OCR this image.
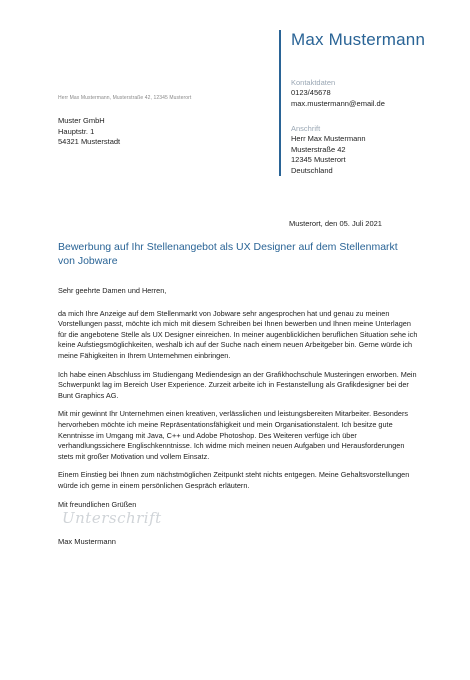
Max Mustermann
Kontaktdaten
0123/45678
max.mustermann@email.de
Anschrift
Herr Max Mustermann
Musterstraße 42
12345 Musterort
Deutschland
Herr Max Mustermann, Musterstraße 42, 12345 Musterort
Muster GmbH
Hauptstr. 1
54321 Musterstadt
Musterort, den 05. Juli 2021
Bewerbung auf Ihr Stellenangebot als UX Designer auf dem Stellenmarkt von Jobware

Sehr geehrte Damen und Herren,

da mich Ihre Anzeige auf dem Stellenmarkt von Jobware sehr angesprochen hat und genau zu meinen Vorstellungen passt, möchte ich mich mit diesem Schreiben bei Ihnen bewerben und Ihnen meine Unterlagen für die angebotene Stelle als UX Designer einreichen. In meiner augenblicklichen beruflichen Situation sehe ich keine Aufstiegsmöglichkeiten, weshalb ich auf der Suche nach einem neuen Arbeitgeber bin. Gerne würde ich meine Fähigkeiten in Ihrem Unternehmen einbringen.

Ich habe einen Abschluss im Studiengang Mediendesign an der Grafikhochschule Musteringen erworben. Mein Schwerpunkt lag im Bereich User Experience. Zurzeit arbeite ich in Festanstellung als Grafikdesigner bei der Bunt Graphics AG.

Mit mir gewinnt Ihr Unternehmen einen kreativen, verlässlichen und leistungsbereiten Mitarbeiter. Besonders hervorheben möchte ich meine Repräsentationsfähigkeit und mein Organisationstalent. Ich besitze gute Kenntnisse im Umgang mit Java, C++ und Adobe Photoshop. Des Weiteren verfüge ich über verhandlungssichere Englischkenntnisse. Ich widme mich meinen neuen Aufgaben und Herausforderungen stets mit großer Motivation und vollem Einsatz.

Einem Einstieg bei Ihnen zum nächstmöglichen Zeitpunkt steht nichts entgegen. Meine Gehaltsvorstellungen würde ich gerne in einem persönlichen Gespräch erläutern.

Mit freundlichen Grüßen

Unterschrift
Max Mustermann
